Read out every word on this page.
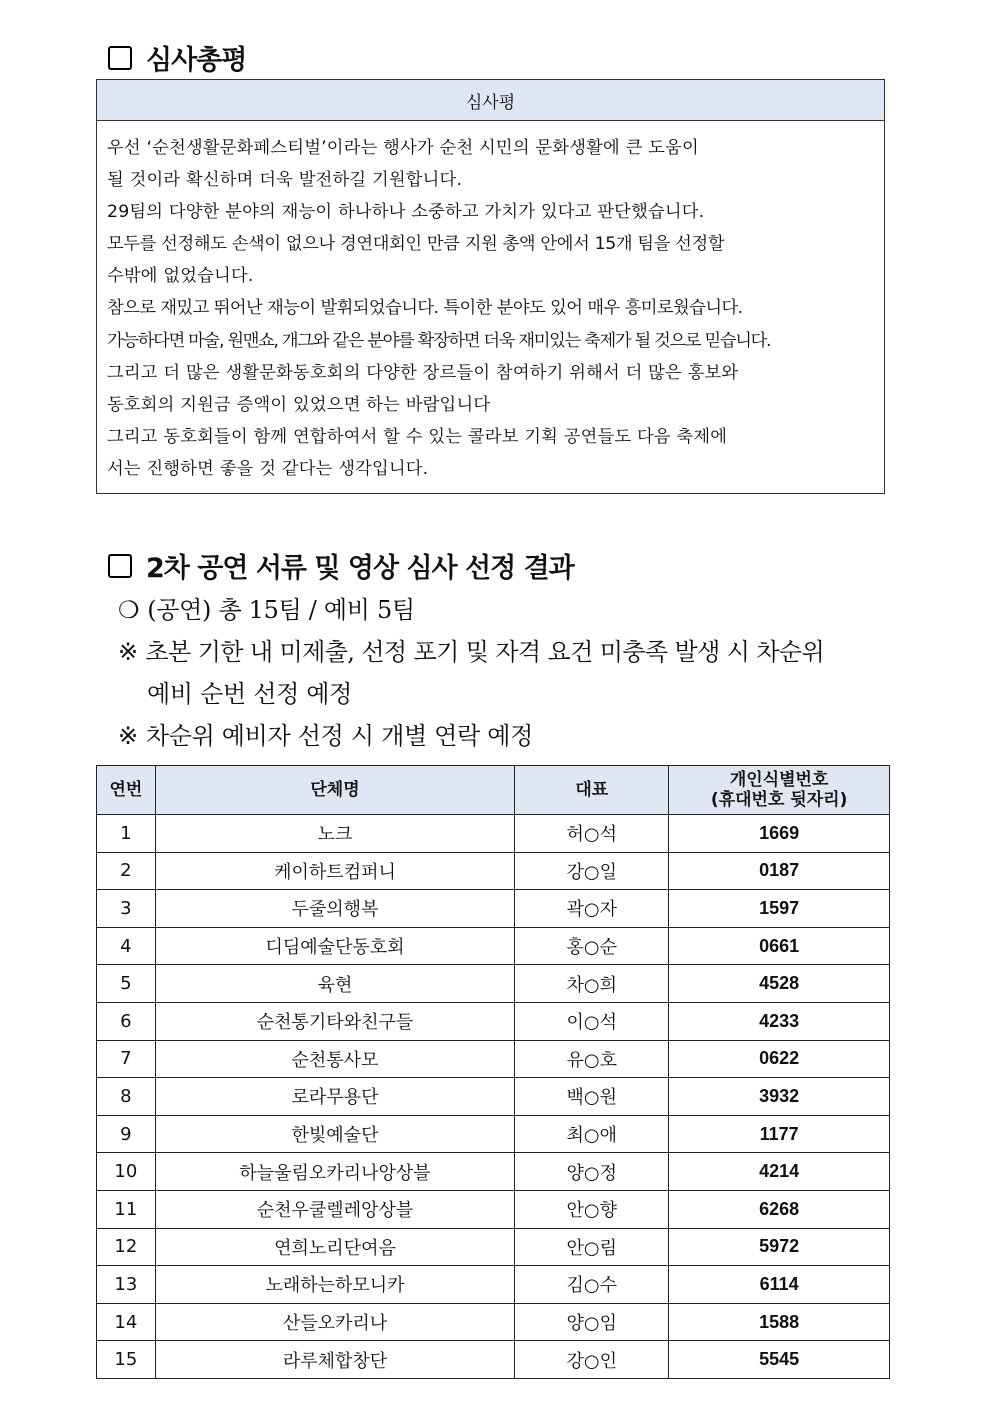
심사총평
심사평
우선 ‘순천생활문화페스티벌’이라는 행사가 순천 시민의 문화생활에 큰 도움이
될 것이라 확신하며 더욱 발전하길 기원합니다.
29팀의 다양한 분야의 재능이 하나하나 소중하고 가치가 있다고 판단했습니다.
모두를 선정해도 손색이 없으나 경연대회인 만큼 지원 총액 안에서 15개 팀을 선정할
수밖에 없었습니다.
참으로 재밌고 뛰어난 재능이 발휘되었습니다. 특이한 분야도 있어 매우 흥미로웠습니다.
가능하다면 마술, 원맨쇼, 개그와 같은 분야를 확장하면 더욱 재미있는 축제가 될 것으로 믿습니다.
그리고 더 많은 생활문화동호회의 다양한 장르들이 참여하기 위해서 더 많은 홍보와
동호회의 지원금 증액이 있었으면 하는 바람입니다
그리고 동호회들이 함께 연합하여서 할 수 있는 콜라보 기획 공연들도 다음 축제에
서는 진행하면 좋을 것 같다는 생각입니다.
2차 공연 서류 및 영상 심사 선정 결과
❍ (공연) 총 15팀 / 예비 5팀
※ 초본 기한 내 미제출, 선정 포기 및 자격 요건 미충족 발생 시 차순위
예비 순번 선정 예정
※ 차순위 예비자 선정 시 개별 연락 예정
연번	단체명	대표	개인식별번호
(휴대번호 뒷자리)

1	노크	허○석	1669
2	케이하트컴퍼니	강○일	0187
3	두줄의행복	곽○자	1597
4	디딤예술단동호회	홍○순	0661
5	육현	차○희	4528
6	순천통기타와친구들	이○석	4233
7	순천통사모	유○호	0622
8	로라무용단	백○원	3932
9	한빛예술단	최○애	1177
10	하늘울림오카리나앙상블	양○정	4214
11	순천우쿨렐레앙상블	안○향	6268
12	연희노리단여음	안○림	5972
13	노래하는하모니카	김○수	6114
14	산들오카리나	양○임	1588
15	라루체합창단	강○인	5545
